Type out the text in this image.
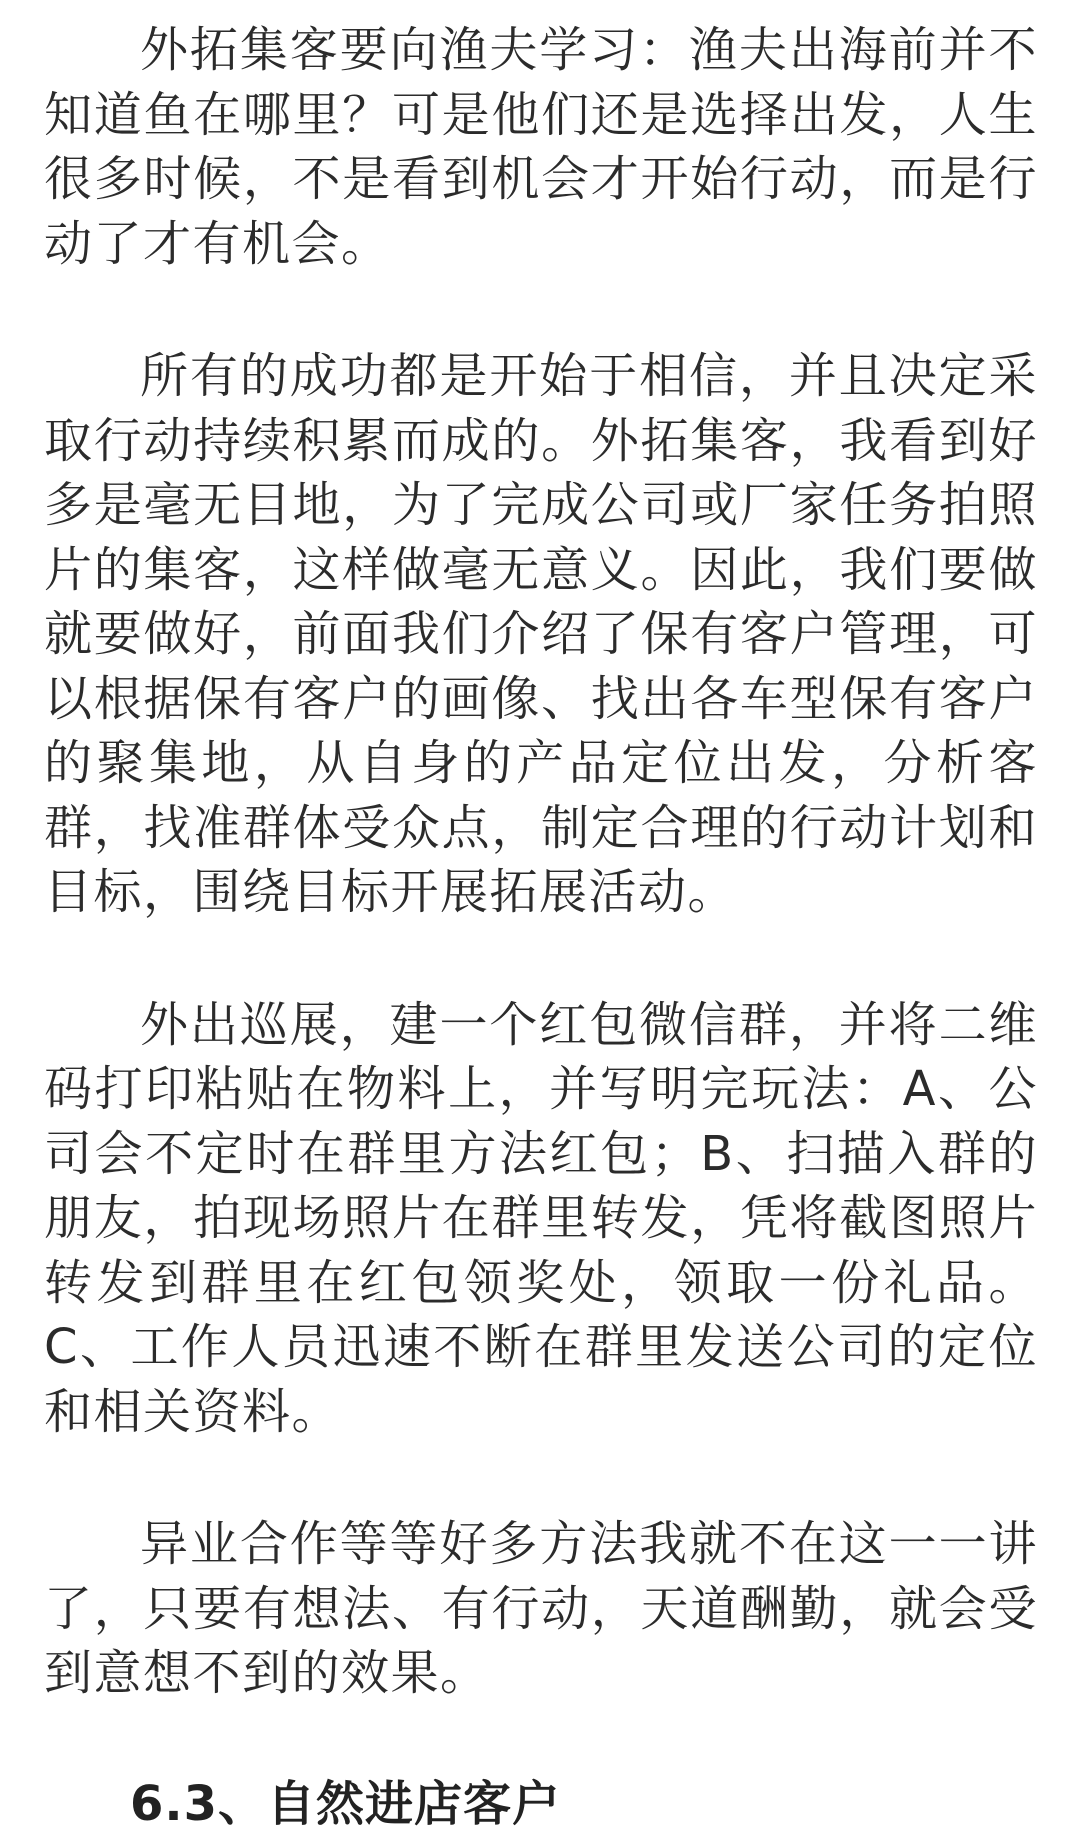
外拓集客要向渔夫学习：渔夫出海前并不知道鱼在哪里？可是他们还是选择出发，人生很多时候，不是看到机会才开始行动，而是行动了才有机会。

所有的成功都是开始于相信，并且决定采取行动持续积累而成的。外拓集客，我看到好多是毫无目地，为了完成公司或厂家任务拍照片的集客，这样做毫无意义。因此，我们要做就要做好，前面我们介绍了保有客户管理，可以根据保有客户的画像、找出各车型保有客户的聚集地，从自身的产品定位出发，分析客群，找准群体受众点，制定合理的行动计划和目标，围绕目标开展拓展活动。

外出巡展，建一个红包微信群，并将二维码打印粘贴在物料上，并写明完玩法：A、公司会不定时在群里方法红包；B、扫描入群的朋友，拍现场照片在群里转发，凭将截图照片转发到群里在红包领奖处，领取一份礼品。C、工作人员迅速不断在群里发送公司的定位和相关资料。

异业合作等等好多方法我就不在这一一讲了，只要有想法、有行动，天道酬勤，就会受到意想不到的效果。

6.3、自然进店客户
